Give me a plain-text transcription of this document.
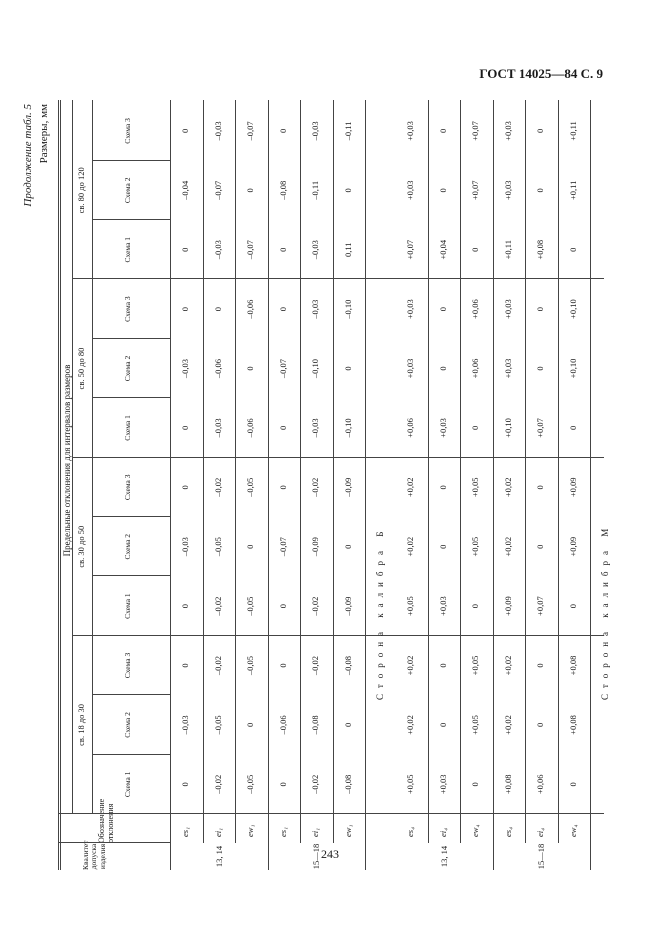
ГОСТ 14025—84 С. 9
Продолжение табл. 5 Размеры, мм
Предельные отклонения для интервалов размеров
Квалитет допуска изделия
Обозначение отклонения
св. 18 до 30
Схема 1
Схема 2
Схема 3
св. 30 до 50
Схема 1
Схема 2
Схема 3
св. 50 до 80
Схема 1
Схема 2
Схема 3
св. 80 до 120
Схема 1
Схема 2
Схема 3
es₁
0
–0,03
0
0
–0,03
0
0
–0,03
0
0
–0,04
0
ei₁
–0,02
–0,05
–0,02
–0,02
–0,05
–0,02
–0,03
–0,06
0
–0,03
–0,07
–0,03
ew₁
–0,05
0
–0,05
–0,05
0
–0,05
–0,06
0
–0,06
–0,07
0
–0,07
13, 14
es₁
0
–0,06
0
0
–0,07
0
0
–0,07
0
0
–0,08
0
ei₁
–0,02
–0,08
–0,02
–0,02
–0,09
–0,02
–0,03
–0,10
–0,03
–0,03
–0,11
–0,03
ew₁
–0,08
0
–0,08
–0,09
0
–0,09
–0,10
0
–0,10
0,11
0
–0,11
15—18
Сторона калибра Б
es₄
+0,05
+0,02
+0,02
+0,05
+0,02
+0,02
+0,06
+0,03
+0,03
+0,07
+0,03
+0,03
ei₄
+0,03
0
0
+0,03
0
0
+0,03
0
0
+0,04
0
0
ew₄
0
+0,05
+0,05
0
+0,05
+0,05
0
+0,06
+0,06
0
+0,07
+0,07
13, 14
es₄
+0,08
+0,02
+0,02
+0,09
+0,02
+0,02
+0,10
+0,03
+0,03
+0,11
+0,03
+0,03
ei₄
+0,06
0
0
+0,07
0
0
+0,07
0
0
+0,08
0
0
ew₄
0
+0,08
+0,08
0
+0,09
+0,09
0
+0,10
+0,10
0
+0,11
+0,11
15—18
Сторона калибра М
243
